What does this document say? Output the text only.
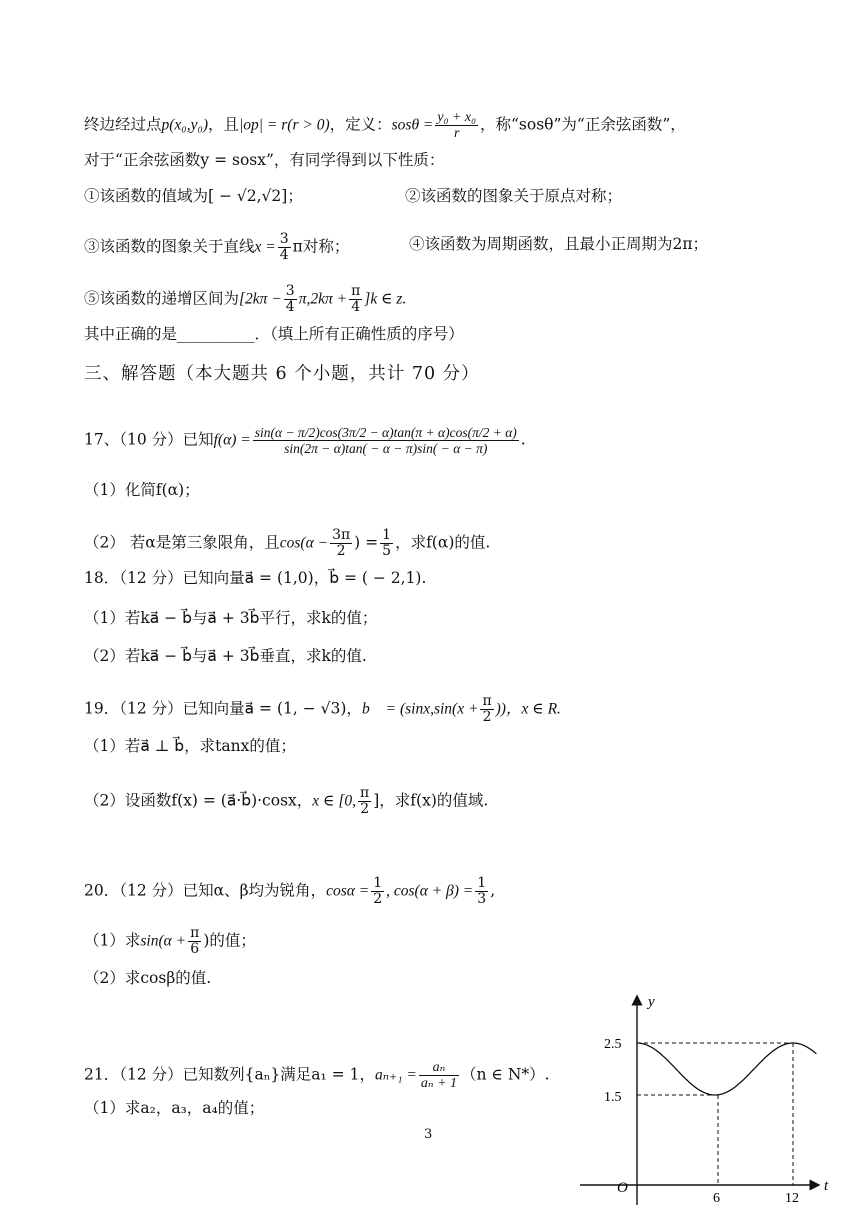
终边经过点p(x₀,y₀)，且|op| = r(r > 0)，定义：$sos\theta = \frac{\text{y₀ + x₀}}{r}$ ，称“sosθ”为“正余弦函数”，
对于“正余弦函数y = sosx”，有同学得到以下性质：
①该函数的值域为[ − √2,√2]；	②该函数的图象关于原点对称；
③该函数的图象关于直线$x = \frac{3}{4}$ π对称；	④该函数为周期函数，且最小正周期为2π；
⑤该函数的递增区间为$[2k\pi - \frac{3}{4} \pi,2k\pi + \frac{\pi}{4} ]k$ ∈ z.
其中正确的是__________．（填上所有正确性质的序号）
三、解答题（本大题共 6 个小题，共计 70 分）
17、（10 分）已知$f(\alpha) = \frac{\sin(\alpha - \pi/2)\cos(3\pi/2 - \alpha)\tan(\pi + \alpha)\cos(\pi/2 + \alpha)}{\sin(2\pi - \alpha)\tan( - \alpha - \pi)\sin( - \alpha - \pi)}$ .
（1）化简f(α)；
（2） 若α是第三象限角，且$\cos(\alpha - \frac{3\pi}{2}$ ) = $\frac{1}{5}$ ，求f(α)的值.
18．（12 分）已知向量a⃗ = (1,0)，b⃗ = ( − 2,1).
（1）若ka⃗ − b⃗与a⃗ + 3b⃗平行，求k的值；
（2）若ka⃗ − b⃗与a⃗ + 3b⃗垂直，求k的值.
19．（12 分）已知向量a⃗ = (1, − √3)，b⃗ = ($\sin x,\sin(x + \frac{\pi}{2}$ ))，x ∈ R.
（1）若a⃗ ⊥ b⃗，求tanx的值；
（2）设函数f(x) = (a⃗·b⃗)·cosx，x ∈ [0, $\frac{\pi}{2}$ ]，求f(x)的值域.
20．（12 分）已知α、β均为锐角，$\cos\alpha = \frac{1}{2}$ , $\cos(\alpha + \beta) = \frac{1}{3}$ ,
（1）求$\sin(\alpha + \frac{\pi}{6}$ )的值；
（2）求cosβ的值.
21．（12 分）已知数列{aₙ}满足a₁ = 1，$a_{n+1} = \frac{\text{aₙ}}{\text{aₙ + 1}} (n$ ∈ N*）.
（1）求a₂，a₃，a₄的值；
3
y
t
O
2.5
1.5
6	12
